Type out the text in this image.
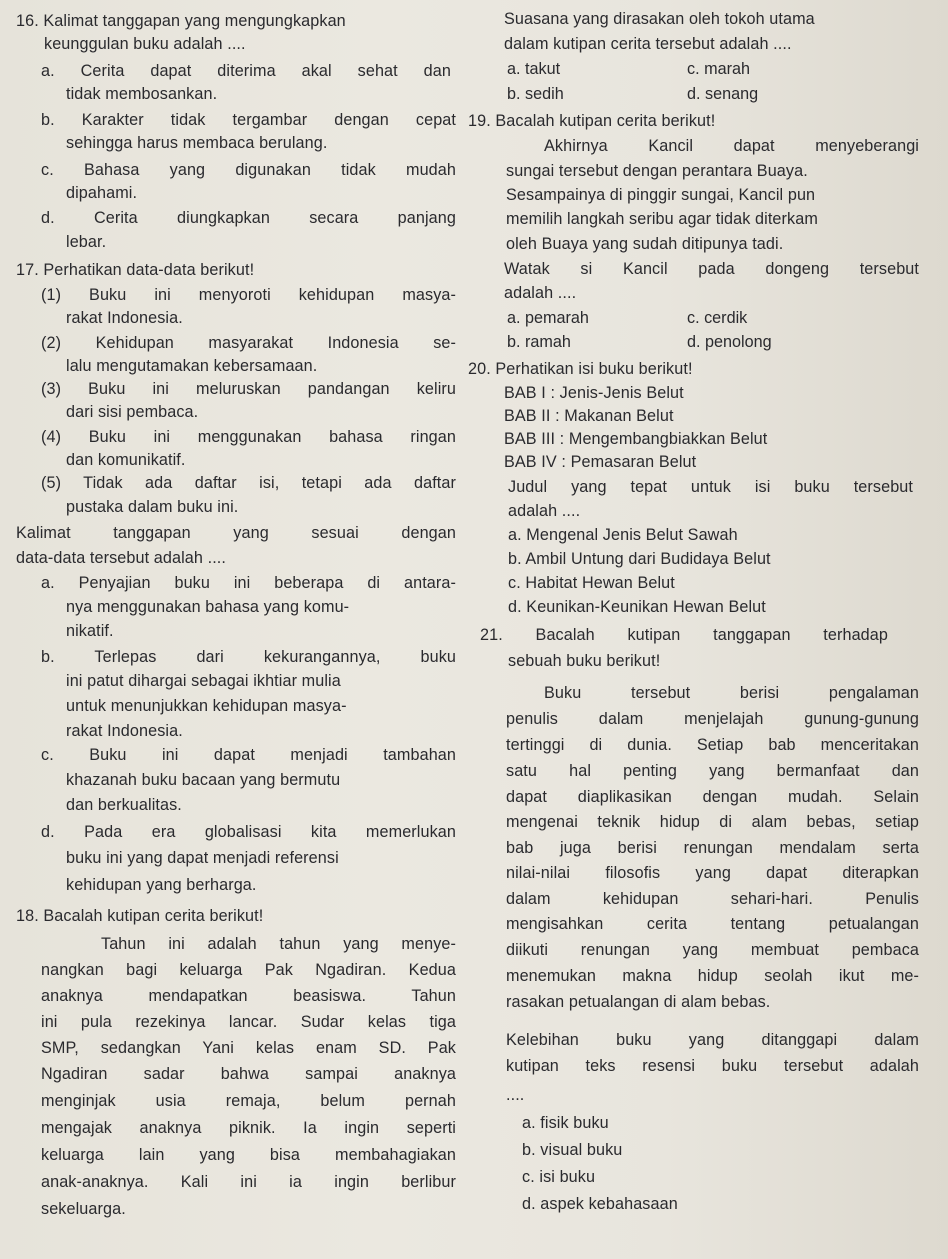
16. Kalimat tanggapan yang mengungkapkan
keunggulan buku adalah ....
a. Cerita dapat diterima akal sehat dan
tidak membosankan.
b. Karakter tidak tergambar dengan cepat
sehingga harus membaca berulang.
c. Bahasa yang digunakan tidak mudah
dipahami.
d. Cerita diungkapkan secara panjang
lebar.
17. Perhatikan data-data berikut!
(1) Buku ini menyoroti kehidupan masya-
rakat Indonesia.
(2) Kehidupan masyarakat Indonesia se-
lalu mengutamakan kebersamaan.
(3) Buku ini meluruskan pandangan keliru
dari sisi pembaca.
(4) Buku ini menggunakan bahasa ringan
dan komunikatif.
(5) Tidak ada daftar isi, tetapi ada daftar
pustaka dalam buku ini.
Kalimat tanggapan yang sesuai dengan
data-data tersebut adalah ....
a. Penyajian buku ini beberapa di antara-
nya menggunakan bahasa yang komu-
nikatif.
b. Terlepas dari kekurangannya, buku
ini patut dihargai sebagai ikhtiar mulia
untuk menunjukkan kehidupan masya-
rakat Indonesia.
c. Buku ini dapat menjadi tambahan
khazanah buku bacaan yang bermutu
dan berkualitas.
d. Pada era globalisasi kita memerlukan
buku ini yang dapat menjadi referensi
kehidupan yang berharga.
18. Bacalah kutipan cerita berikut!
Tahun ini adalah tahun yang menye-
nangkan bagi keluarga Pak Ngadiran. Kedua
anaknya mendapatkan beasiswa. Tahun
ini pula rezekinya lancar. Sudar kelas tiga
SMP, sedangkan Yani kelas enam SD. Pak
Ngadiran sadar bahwa sampai anaknya
menginjak usia remaja, belum pernah
mengajak anaknya piknik. Ia ingin seperti
keluarga lain yang bisa membahagiakan
anak-anaknya. Kali ini ia ingin berlibur
sekeluarga.
Suasana yang dirasakan oleh tokoh utama
dalam kutipan cerita tersebut adalah ....
a. takut	c. marah
b. sedih	d. senang
19. Bacalah kutipan cerita berikut!
Akhirnya Kancil dapat menyeberangi
sungai tersebut dengan perantara Buaya.
Sesampainya di pinggir sungai, Kancil pun
memilih langkah seribu agar tidak diterkam
oleh Buaya yang sudah ditipunya tadi.
Watak si Kancil pada dongeng tersebut
adalah ....
a. pemarah	c. cerdik
b. ramah	d. penolong
20. Perhatikan isi buku berikut!
BAB I : Jenis-Jenis Belut
BAB II : Makanan Belut
BAB III : Mengembangbiakkan Belut
BAB IV : Pemasaran Belut
Judul yang tepat untuk isi buku tersebut
adalah ....
a. Mengenal Jenis Belut Sawah
b. Ambil Untung dari Budidaya Belut
c. Habitat Hewan Belut
d. Keunikan-Keunikan Hewan Belut
21. Bacalah kutipan tanggapan terhadap
sebuah buku berikut!
Buku tersebut berisi pengalaman
penulis dalam menjelajah gunung-gunung
tertinggi di dunia. Setiap bab menceritakan
satu hal penting yang bermanfaat dan
dapat diaplikasikan dengan mudah. Selain
mengenai teknik hidup di alam bebas, setiap
bab juga berisi renungan mendalam serta
nilai-nilai filosofis yang dapat diterapkan
dalam kehidupan sehari-hari. Penulis
mengisahkan cerita tentang petualangan
diikuti renungan yang membuat pembaca
menemukan makna hidup seolah ikut me-
rasakan petualangan di alam bebas.
Kelebihan buku yang ditanggapi dalam
kutipan teks resensi buku tersebut adalah
....
a. fisik buku
b. visual buku
c. isi buku
d. aspek kebahasaan
